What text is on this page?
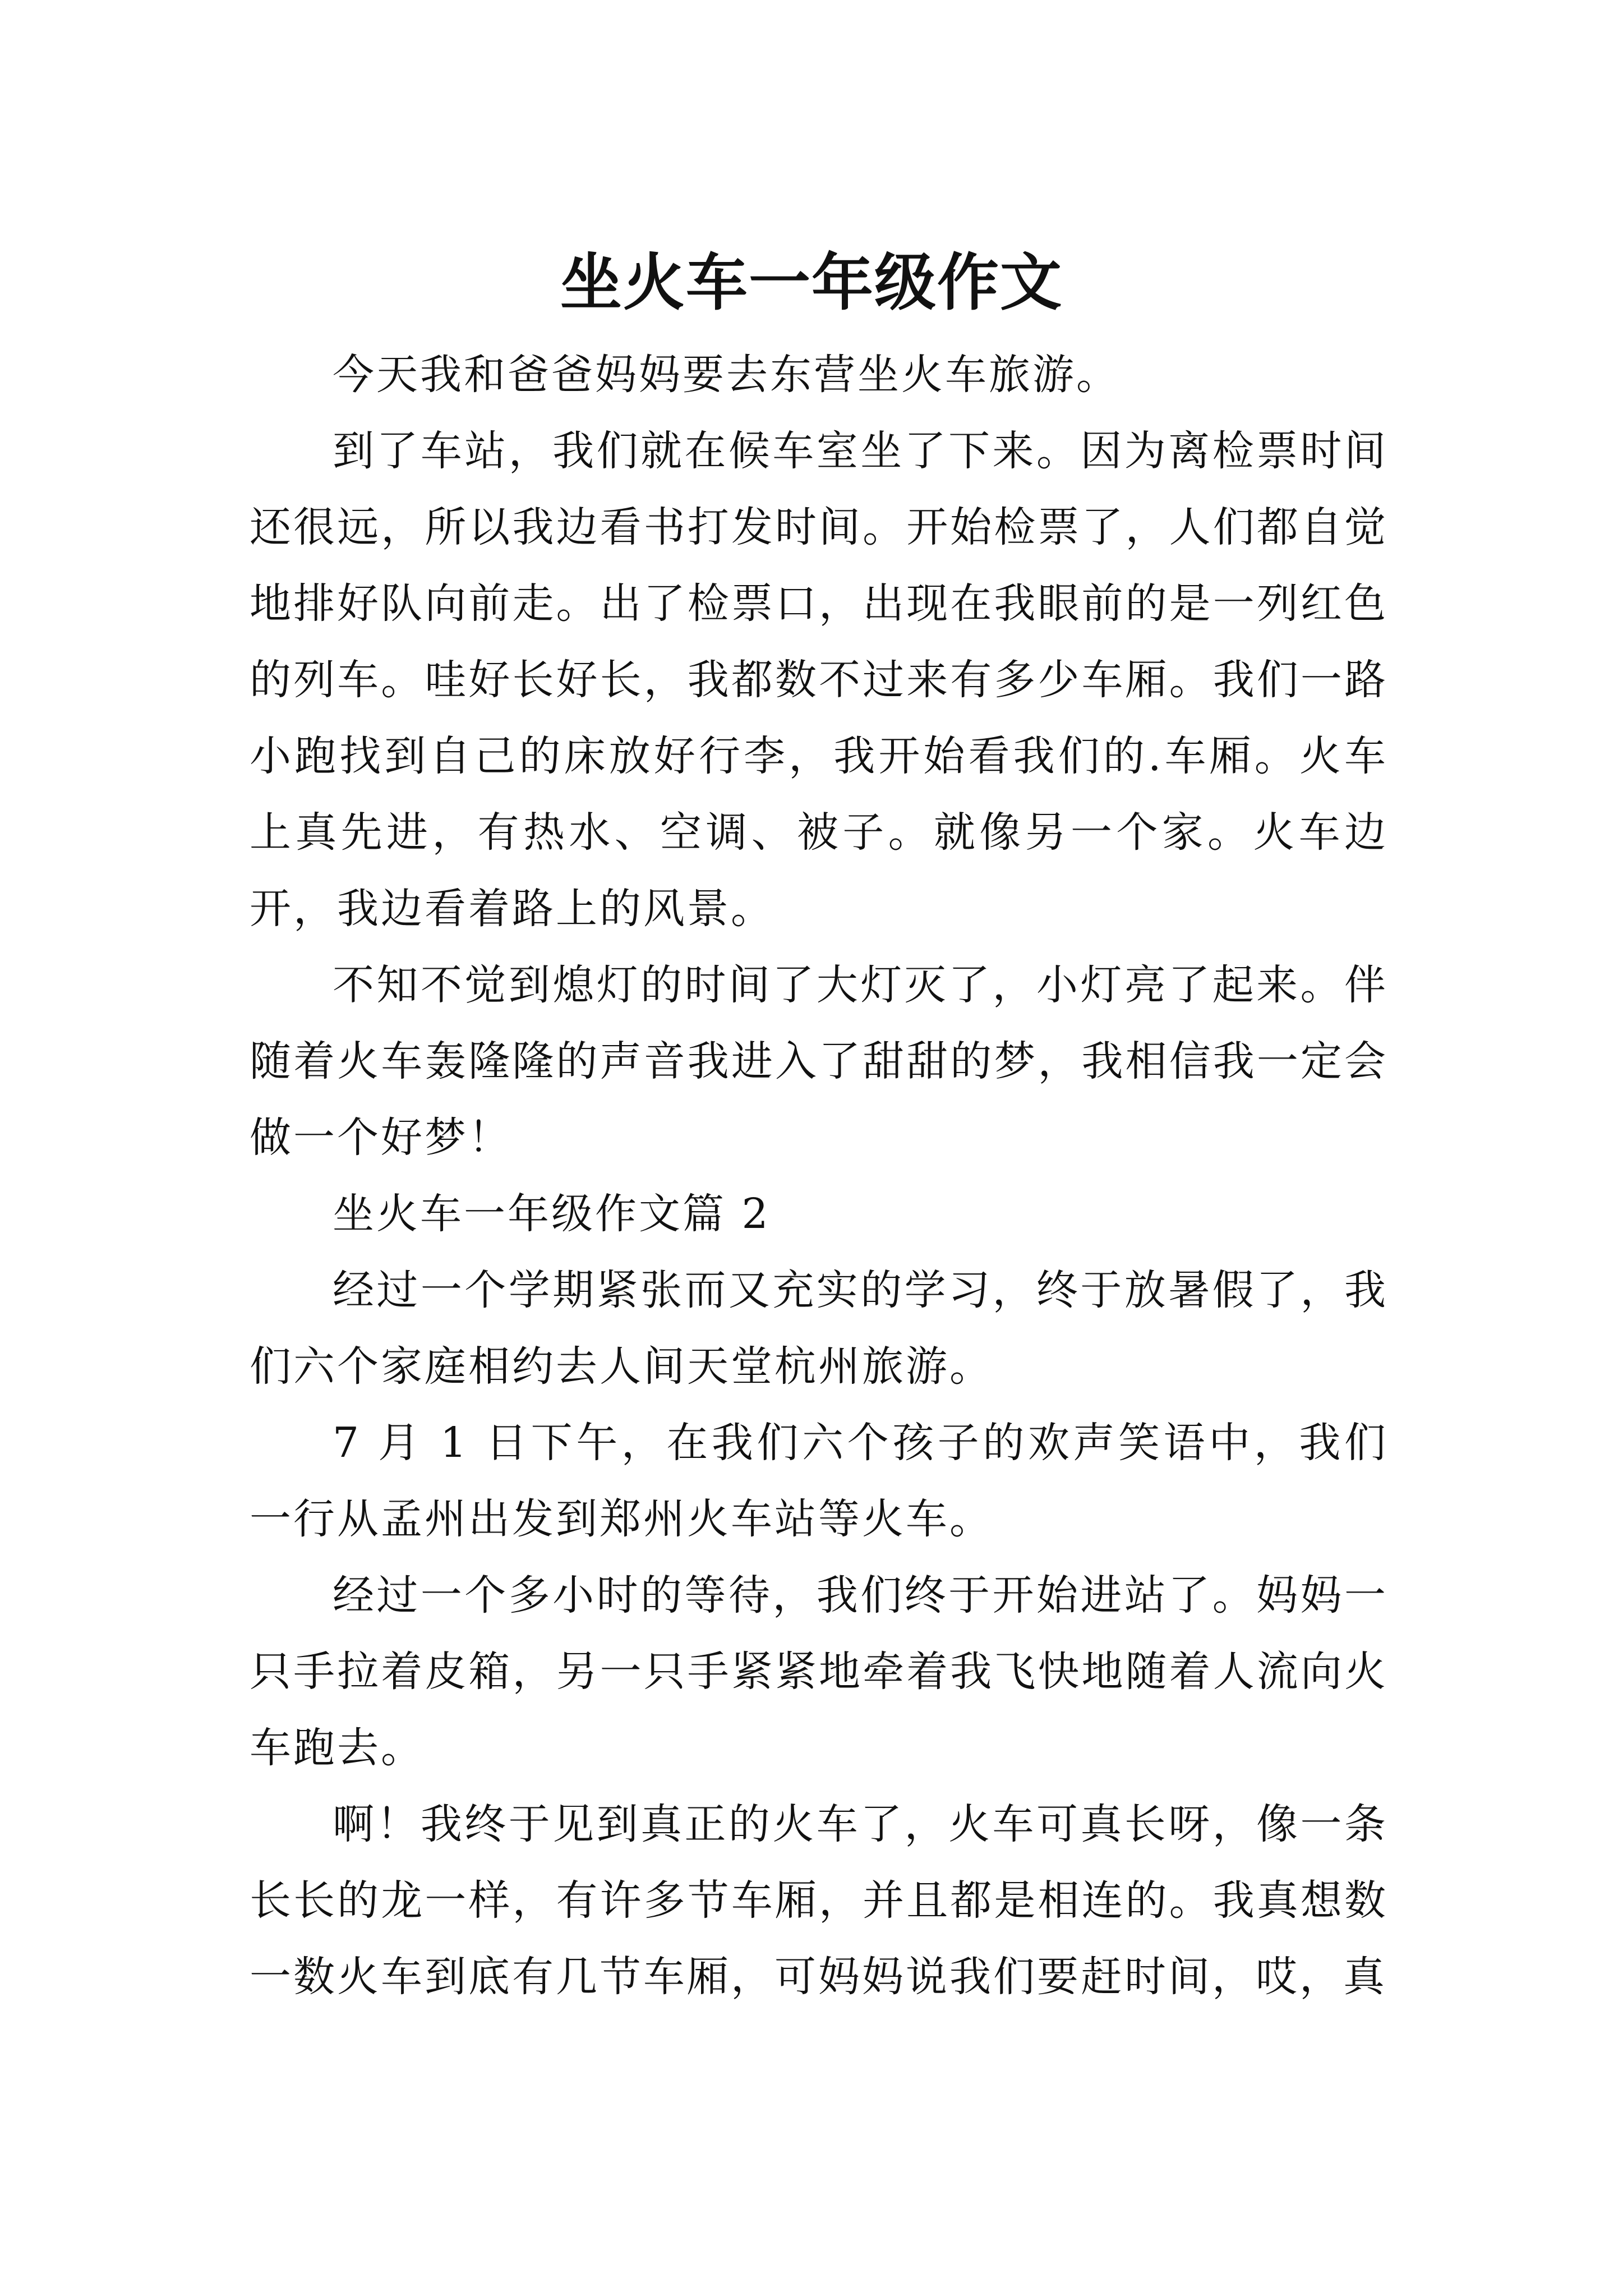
坐火车一年级作文

今天我和爸爸妈妈要去东营坐火车旅游。

到了车站，我们就在候车室坐了下来。因为离检票时间还很远，所以我边看书打发时间。开始检票了，人们都自觉地排好队向前走。出了检票口，出现在我眼前的是一列红色的列车。哇好长好长，我都数不过来有多少车厢。我们一路小跑找到自己的床放好行李，我开始看我们的.车厢。火车上真先进，有热水、空调、被子。就像另一个家。火车边开，我边看着路上的风景。

不知不觉到熄灯的时间了大灯灭了，小灯亮了起来。伴随着火车轰隆隆的声音我进入了甜甜的梦，我相信我一定会做一个好梦！

坐火车一年级作文篇 2

经过一个学期紧张而又充实的学习，终于放暑假了，我们六个家庭相约去人间天堂杭州旅游。

7 月 1 日下午，在我们六个孩子的欢声笑语中，我们一行从孟州出发到郑州火车站等火车。

经过一个多小时的等待，我们终于开始进站了。妈妈一只手拉着皮箱，另一只手紧紧地牵着我飞快地随着人流向火车跑去。

啊！我终于见到真正的火车了，火车可真长呀，像一条长长的龙一样，有许多节车厢，并且都是相连的。我真想数一数火车到底有几节车厢，可妈妈说我们要赶时间，哎，真
